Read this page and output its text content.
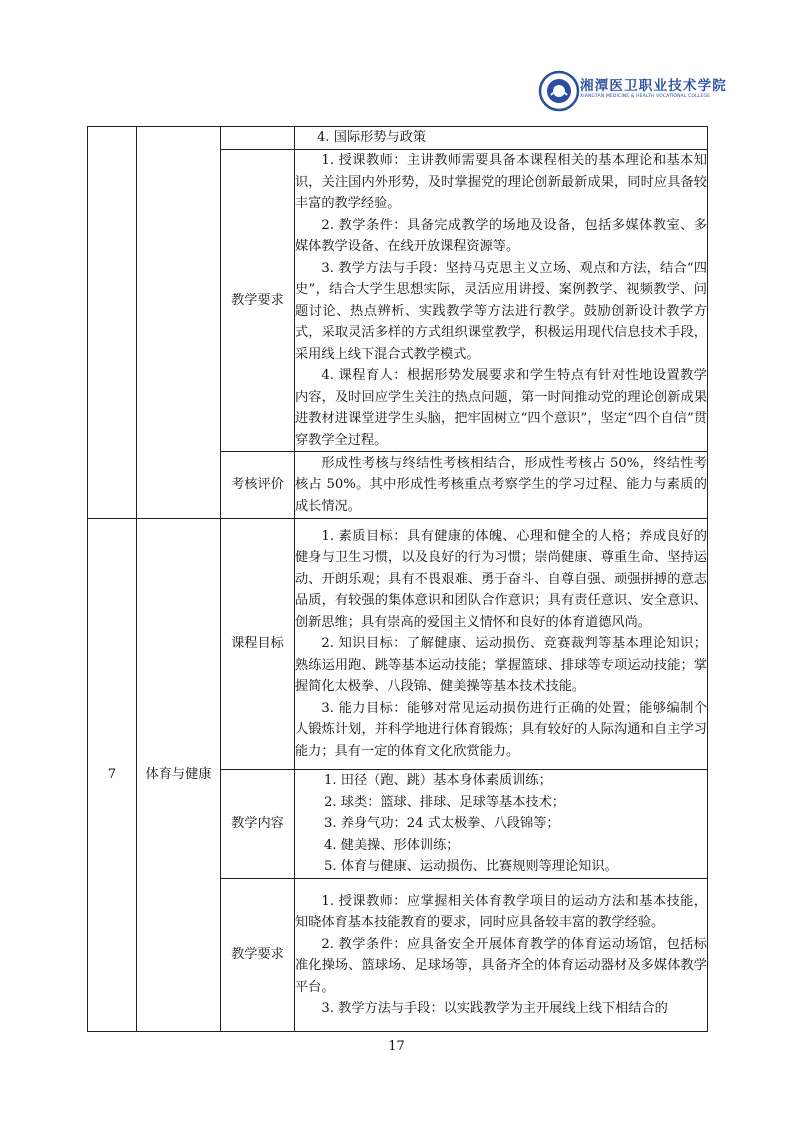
湘潭医卫职业技术学院
XIANGTAN MEDICINE & HEALTH VOCATIONAL COLLEGE

			4. 国际形势与政策

		教学要求	1. 授课教师：主讲教师需要具备本课程相关的基本理论和基本知识，关注国内外形势，及时掌握党的理论创新最新成果，同时应具备较丰富的教学经验。

2. 教学条件：具备完成教学的场地及设备，包括多媒体教室、多媒体教学设备、在线开放课程资源等。

3. 教学方法与手段：坚持马克思主义立场、观点和方法，结合“四史”，结合大学生思想实际，灵活应用讲授、案例教学、视频教学、问题讨论、热点辨析、实践教学等方法进行教学。鼓励创新设计教学方式，采取灵活多样的方式组织课堂教学，积极运用现代信息技术手段，采用线上线下混合式教学模式。

4. 课程育人：根据形势发展要求和学生特点有针对性地设置教学内容，及时回应学生关注的热点问题，第一时间推动党的理论创新成果进教材进课堂进学生头脑，把牢固树立“四个意识”，坚定“四个自信”贯穿教学全过程。

		考核评价	形成性考核与终结性考核相结合，形成性考核占 50%，终结性考核占 50%。其中形成性考核重点考察学生的学习过程、能力与素质的成长情况。

7	体育与健康	课程目标	1. 素质目标：具有健康的体魄、心理和健全的人格；养成良好的健身与卫生习惯，以及良好的行为习惯；崇尚健康、尊重生命、坚持运动、开朗乐观；具有不畏艰难、勇于奋斗、自尊自强、顽强拼搏的意志品质，有较强的集体意识和团队合作意识；具有责任意识、安全意识、创新思维；具有崇高的爱国主义情怀和良好的体育道德风尚。

2. 知识目标：了解健康、运动损伤、竞赛裁判等基本理论知识；熟练运用跑、跳等基本运动技能；掌握篮球、排球等专项运动技能；掌握简化太极拳、八段锦、健美操等基本技术技能。

3. 能力目标：能够对常见运动损伤进行正确的处置；能够编制个人锻炼计划，并科学地进行体育锻炼；具有较好的人际沟通和自主学习能力；具有一定的体育文化欣赏能力。

		教学内容	1. 田径（跑、跳）基本身体素质训练；

2. 球类：篮球、排球、足球等基本技术；

3. 养身气功：24 式太极拳、八段锦等；

4. 健美操、形体训练；

5. 体育与健康、运动损伤、比赛规则等理论知识。

		教学要求	1. 授课教师：应掌握相关体育教学项目的运动方法和基本技能，知晓体育基本技能教育的要求，同时应具备较丰富的教学经验。

2. 教学条件：应具备安全开展体育教学的体育运动场馆，包括标准化操场、篮球场、足球场等，具备齐全的体育运动器材及多媒体教学平台。

3. 教学方法与手段：以实践教学为主开展线上线下相结合的

17
